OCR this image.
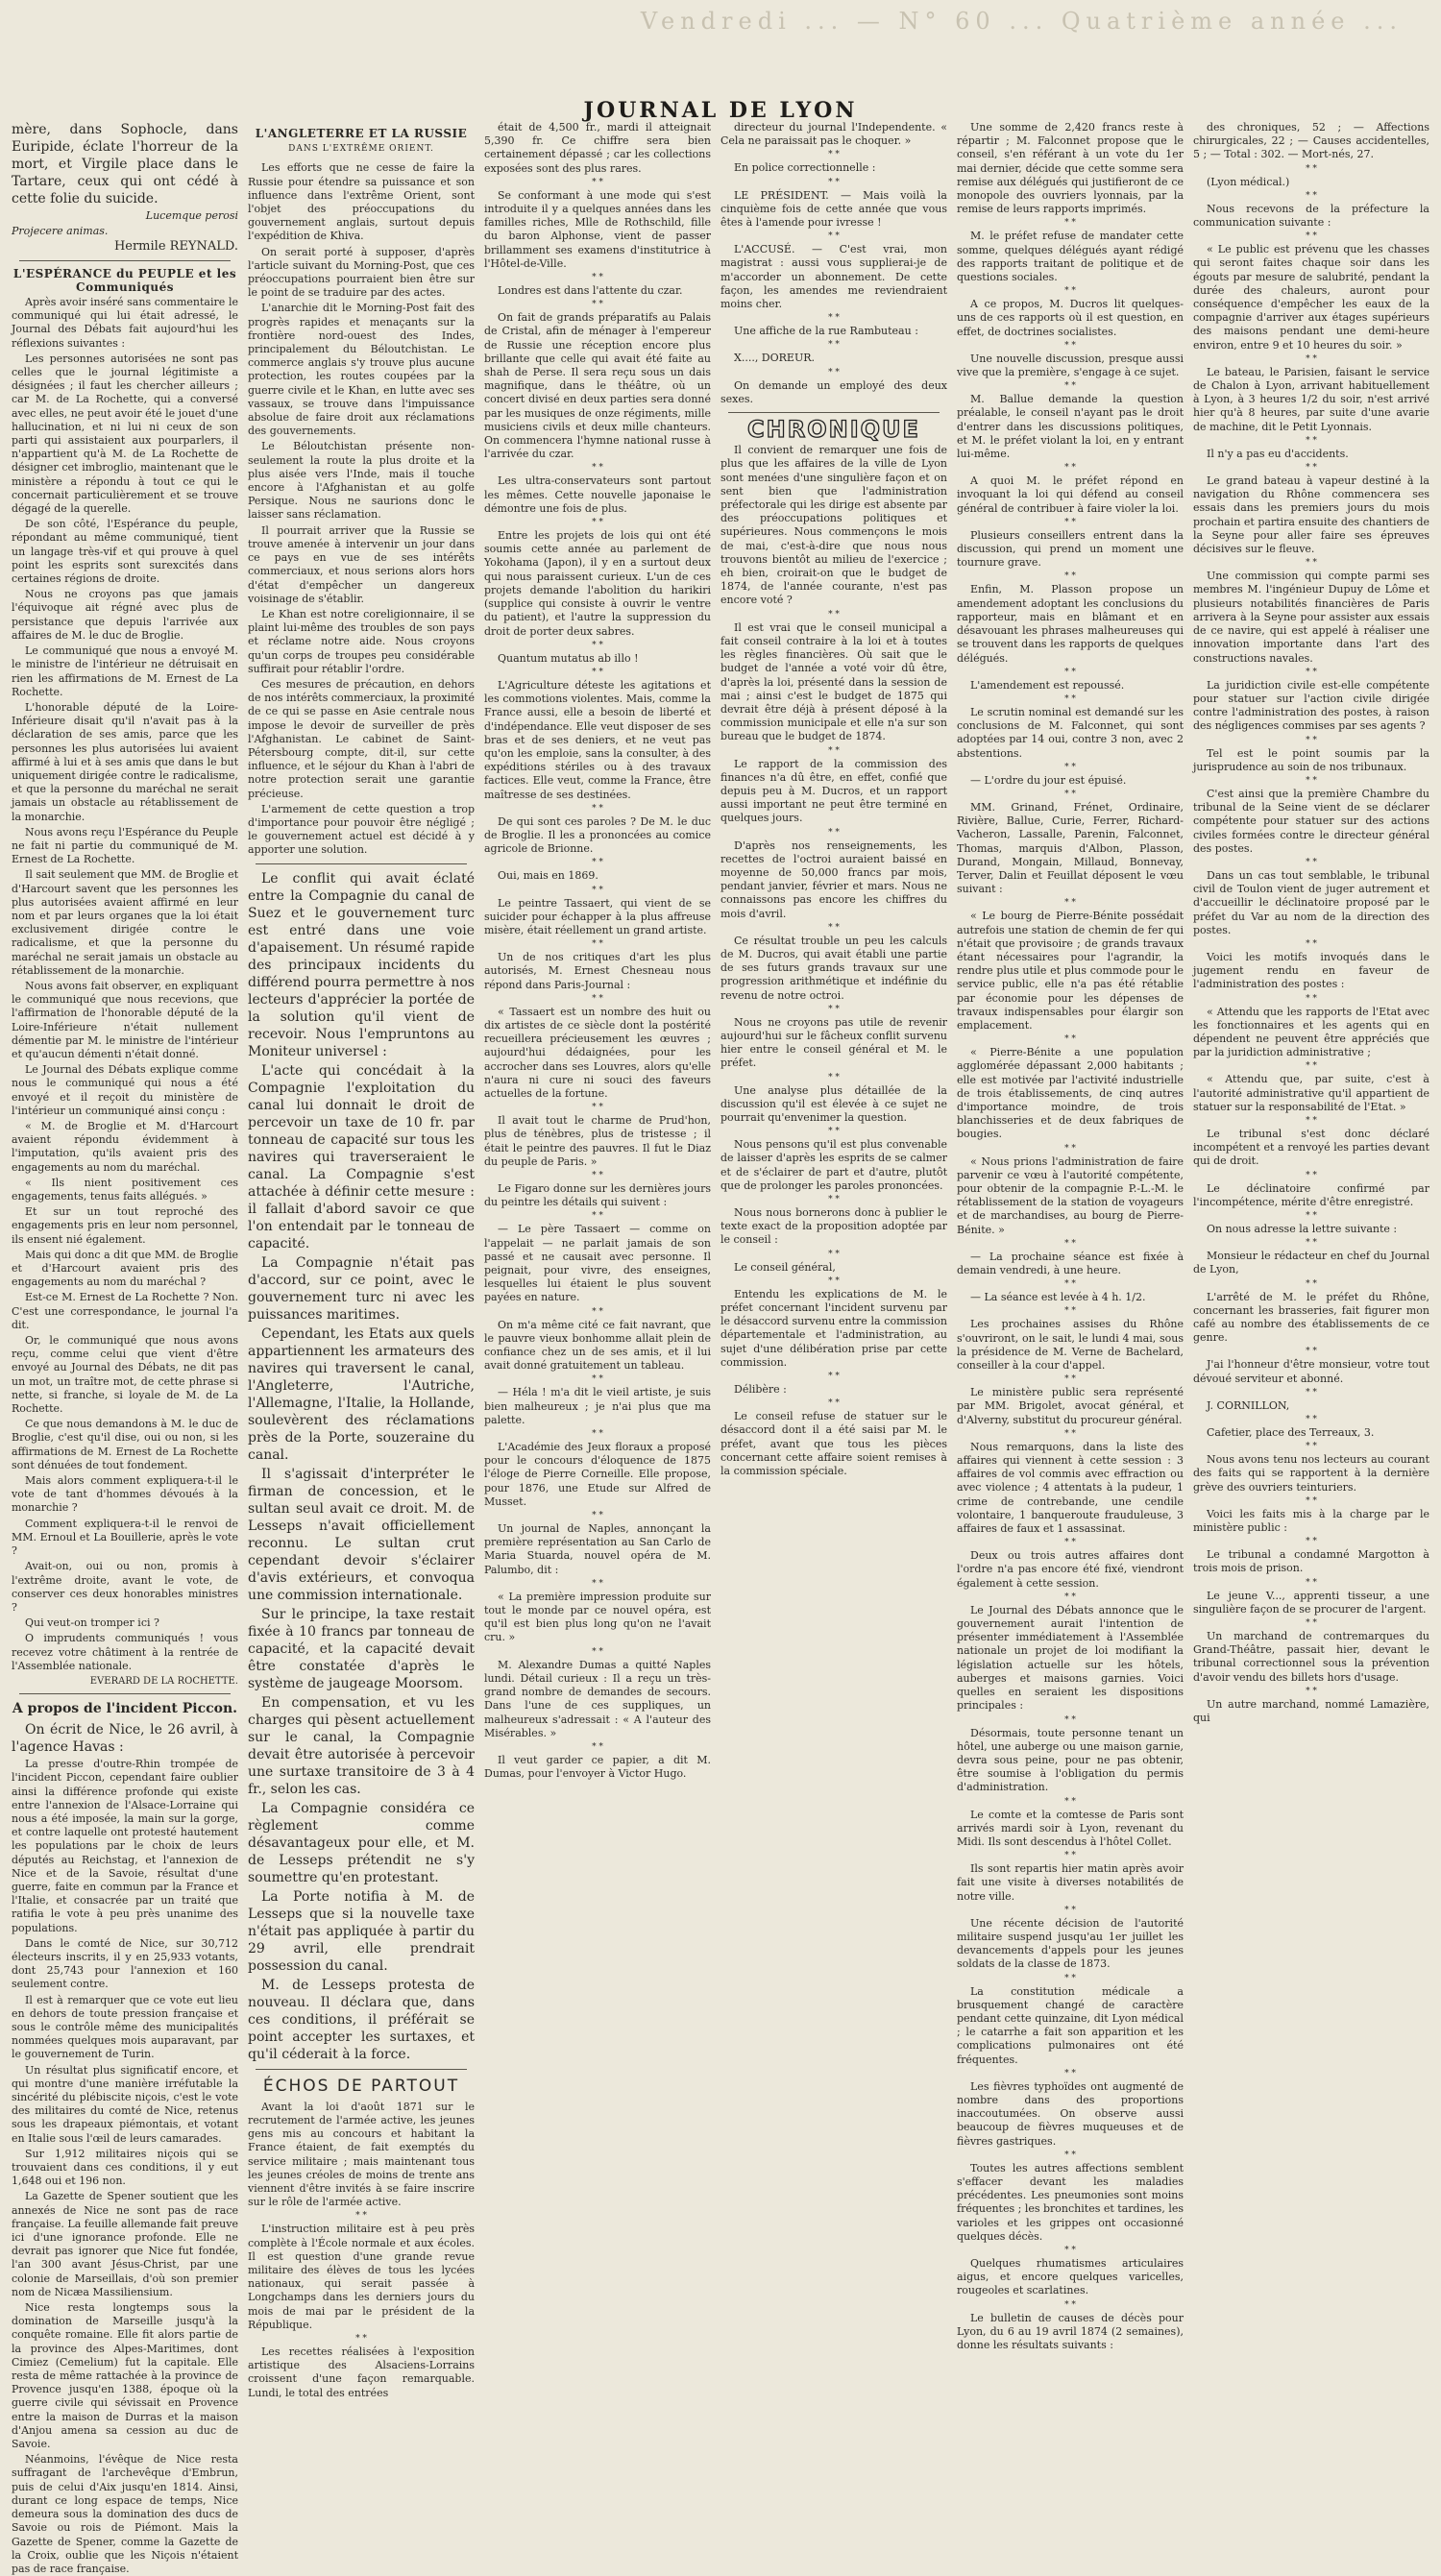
Vendredi ... — N° 60 ... Quatrième année ...
JOURNAL DE LYON

mère, dans Sophocle, dans Euripide, éclate l'horreur de la mort, et Virgile place dans le Tartare, ceux qui ont cédé à cette folie du suicide.

Lucemque perosi

Projecere animas.

Hermile REYNALD.

L'ESPÉRANCE du PEUPLE et les Communiqués

Après avoir inséré sans commentaire le communiqué qui lui était adressé, le Journal des Débats fait aujourd'hui les réflexions suivantes :

Les personnes autorisées ne sont pas celles que le journal légitimiste a désignées ; il faut les chercher ailleurs ; car M. de La Rochette, qui a conversé avec elles, ne peut avoir été le jouet d'une hallucination, et ni lui ni ceux de son parti qui assistaient aux pourparlers, il n'appartient qu'à M. de La Rochette de désigner cet imbroglio, maintenant que le ministère a répondu à tout ce qui le concernait particulièrement et se trouve dégagé de la querelle.

De son côté, l'Espérance du peuple, répondant au même communiqué, tient un langage très-vif et qui prouve à quel point les esprits sont surexcités dans certaines régions de droite.

Nous ne croyons pas que jamais l'équivoque ait régné avec plus de persistance que depuis l'arrivée aux affaires de M. le duc de Broglie.

Le communiqué que nous a envoyé M. le ministre de l'intérieur ne détruisait en rien les affirmations de M. Ernest de La Rochette.

L'honorable député de la Loire-Inférieure disait qu'il n'avait pas à la déclaration de ses amis, parce que les personnes les plus autorisées lui avaient affirmé à lui et à ses amis que dans le but uniquement dirigée contre le radicalisme, et que la personne du maréchal ne serait jamais un obstacle au rétablissement de la monarchie.

Nous avons reçu l'Espérance du Peuple ne fait ni partie du communiqué de M. Ernest de La Rochette.

Il sait seulement que MM. de Broglie et d'Harcourt savent que les personnes les plus autorisées avaient affirmé en leur nom et par leurs organes que la loi était exclusivement dirigée contre le radicalisme, et que la personne du maréchal ne serait jamais un obstacle au rétablissement de la monarchie.

Nous avons fait observer, en expliquant le communiqué que nous recevions, que l'affirmation de l'honorable député de la Loire-Inférieure n'était nullement démentie par M. le ministre de l'intérieur et qu'aucun démenti n'était donné.

Le Journal des Débats explique comme nous le communiqué qui nous a été envoyé et il reçoit du ministère de l'intérieur un communiqué ainsi conçu :

« M. de Broglie et M. d'Harcourt avaient répondu évidemment à l'imputation, qu'ils avaient pris des engagements au nom du maréchal.

« Ils nient positivement ces engagements, tenus faits allégués. »

Et sur un tout reproché des engagements pris en leur nom personnel, ils ensent nié également.

Mais qui donc a dit que MM. de Broglie et d'Harcourt avaient pris des engagements au nom du maréchal ?

Est-ce M. Ernest de La Rochette ? Non. C'est une correspondance, le journal l'a dit.

Or, le communiqué que nous avons reçu, comme celui que vient d'être envoyé au Journal des Débats, ne dit pas un mot, un traître mot, de cette phrase si nette, si franche, si loyale de M. de La Rochette.

Ce que nous demandons à M. le duc de Broglie, c'est qu'il dise, oui ou non, si les affirmations de M. Ernest de La Rochette sont dénuées de tout fondement.

Mais alors comment expliquera-t-il le vote de tant d'hommes dévoués à la monarchie ?

Comment expliquera-t-il le renvoi de MM. Ernoul et La Bouillerie, après le vote ?

Avait-on, oui ou non, promis à l'extrême droite, avant le vote, de conserver ces deux honorables ministres ?

Qui veut-on tromper ici ?

O imprudents communiqués ! vous recevez votre châtiment à la rentrée de l'Assemblée nationale.

EVERARD DE LA ROCHETTE.

A propos de l'incident Piccon.

On écrit de Nice, le 26 avril, à l'agence Havas :

La presse d'outre-Rhin trompée de l'incident Piccon, cependant faire oublier ainsi la différence profonde qui existe entre l'annexion de l'Alsace-Lorraine qui nous a été imposée, la main sur la gorge, et contre laquelle ont protesté hautement les populations par le choix de leurs députés au Reichstag, et l'annexion de Nice et de la Savoie, résultat d'une guerre, faite en commun par la France et l'Italie, et consacrée par un traité que ratifia le vote à peu près unanime des populations.

Dans le comté de Nice, sur 30,712 électeurs inscrits, il y en 25,933 votants, dont 25,743 pour l'annexion et 160 seulement contre.

Il est à remarquer que ce vote eut lieu en dehors de toute pression française et sous le contrôle même des municipalités nommées quelques mois auparavant, par le gouvernement de Turin.

Un résultat plus significatif encore, et qui montre d'une manière irréfutable la sincérité du plébiscite niçois, c'est le vote des militaires du comté de Nice, retenus sous les drapeaux piémontais, et votant en Italie sous l'œil de leurs camarades.

Sur 1,912 militaires niçois qui se trouvaient dans ces conditions, il y eut 1,648 oui et 196 non.

La Gazette de Spener soutient que les annexés de Nice ne sont pas de race française. La feuille allemande fait preuve ici d'une ignorance profonde. Elle ne devrait pas ignorer que Nice fut fondée, l'an 300 avant Jésus-Christ, par une colonie de Marseillais, d'où son premier nom de Nicæa Massiliensium.

Nice resta longtemps sous la domination de Marseille jusqu'à la conquête romaine. Elle fit alors partie de la province des Alpes-Maritimes, dont Cimiez (Cemelium) fut la capitale. Elle resta de même rattachée à la province de Provence jusqu'en 1388, époque où la guerre civile qui sévissait en Provence entre la maison de Durras et la maison d'Anjou amena sa cession au duc de Savoie.

Néanmoins, l'évêque de Nice resta suffragant de l'archevêque d'Embrun, puis de celui d'Aix jusqu'en 1814. Ainsi, durant ce long espace de temps, Nice demeura sous la domination des ducs de Savoie ou rois de Piémont. Mais la Gazette de Spener, comme la Gazette de la Croix, oublie que les Niçois n'étaient pas de race française.

L'ANGLETERRE ET LA RUSSIE
DANS L'EXTRÊME ORIENT.

Les efforts que ne cesse de faire la Russie pour étendre sa puissance et son influence dans l'extrême Orient, sont l'objet des préoccupations du gouvernement anglais, surtout depuis l'expédition de Khiva.

On serait porté à supposer, d'après l'article suivant du Morning-Post, que ces préoccupations pourraient bien être sur le point de se traduire par des actes.

L'anarchie dit le Morning-Post fait des progrès rapides et menaçants sur la frontière nord-ouest des Indes, principalement du Béloutchistan. Le commerce anglais s'y trouve plus aucune protection, les routes coupées par la guerre civile et le Khan, en lutte avec ses vassaux, se trouve dans l'impuissance absolue de faire droit aux réclamations des gouvernements.

Le Béloutchistan présente non-seulement la route la plus droite et la plus aisée vers l'Inde, mais il touche encore à l'Afghanistan et au golfe Persique. Nous ne saurions donc le laisser sans réclamation.

Il pourrait arriver que la Russie se trouve amenée à intervenir un jour dans ce pays en vue de ses intérêts commerciaux, et nous serions alors hors d'état d'empêcher un dangereux voisinage de s'établir.

Le Khan est notre coreligionnaire, il se plaint lui-même des troubles de son pays et réclame notre aide. Nous croyons qu'un corps de troupes peu considérable suffirait pour rétablir l'ordre.

Ces mesures de précaution, en dehors de nos intérêts commerciaux, la proximité de ce qui se passe en Asie centrale nous impose le devoir de surveiller de près l'Afghanistan. Le cabinet de Saint-Pétersbourg compte, dit-il, sur cette influence, et le séjour du Khan à l'abri de notre protection serait une garantie précieuse.

L'armement de cette question a trop d'importance pour pouvoir être négligé ; le gouvernement actuel est décidé à y apporter une solution.

Le conflit qui avait éclaté entre la Compagnie du canal de Suez et le gouvernement turc est entré dans une voie d'apaisement. Un résumé rapide des principaux incidents du différend pourra permettre à nos lecteurs d'apprécier la portée de la solution qu'il vient de recevoir. Nous l'empruntons au Moniteur universel :

L'acte qui concédait à la Compagnie l'exploitation du canal lui donnait le droit de percevoir un taxe de 10 fr. par tonneau de capacité sur tous les navires qui traverseraient le canal. La Compagnie s'est attachée à définir cette mesure : il fallait d'abord savoir ce que l'on entendait par le tonneau de capacité.

La Compagnie n'était pas d'accord, sur ce point, avec le gouvernement turc ni avec les puissances maritimes.

Cependant, les Etats aux quels appartiennent les armateurs des navires qui traversent le canal, l'Angleterre, l'Autriche, l'Allemagne, l'Italie, la Hollande, soulevèrent des réclamations près de la Porte, souzeraine du canal.

Il s'agissait d'interpréter le firman de concession, et le sultan seul avait ce droit. M. de Lesseps n'avait officiellement reconnu. Le sultan crut cependant devoir s'éclairer d'avis extérieurs, et convoqua une commission internationale.

Sur le principe, la taxe restait fixée à 10 francs par tonneau de capacité, et la capacité devait être constatée d'après le système de jaugeage Moorsom.

En compensation, et vu les charges qui pèsent actuellement sur le canal, la Compagnie devait être autorisée à percevoir une surtaxe transitoire de 3 à 4 fr., selon les cas.

La Compagnie considéra ce règlement comme désavantageux pour elle, et M. de Lesseps prétendit ne s'y soumettre qu'en protestant.

La Porte notifia à M. de Lesseps que si la nouvelle taxe n'était pas appliquée à partir du 29 avril, elle prendrait possession du canal.

M. de Lesseps protesta de nouveau. Il déclara que, dans ces conditions, il préférait se point accepter les surtaxes, et qu'il céderait à la force.

ÉCHOS DE PARTOUT

Avant la loi d'août 1871 sur le recrutement de l'armée active, les jeunes gens mis au concours et habitant la France étaient, de fait exemptés du service militaire ; mais maintenant tous les jeunes créoles de moins de trente ans viennent d'être invités à se faire inscrire sur le rôle de l'armée active.

* *

L'instruction militaire est à peu près complète à l'École normale et aux écoles. Il est question d'une grande revue militaire des élèves de tous les lycées nationaux, qui serait passée à Longchamps dans les derniers jours du mois de mai par le président de la République.

* *

Les recettes réalisées à l'exposition artistique des Alsaciens-Lorrains croissent d'une façon remarquable. Lundi, le total des entrées

était de 4,500 fr., mardi il atteignait 5,390 fr. Ce chiffre sera bien certainement dépassé ; car les collections exposées sont des plus rares.

* *

Se conformant à une mode qui s'est introduite il y a quelques années dans les familles riches, Mlle de Rothschild, fille du baron Alphonse, vient de passer brillamment ses examens d'institutrice à l'Hôtel-de-Ville.

* *

Londres est dans l'attente du czar.

* *

On fait de grands préparatifs au Palais de Cristal, afin de ménager à l'empereur de Russie une réception encore plus brillante que celle qui avait été faite au shah de Perse. Il sera reçu sous un dais magnifique, dans le théâtre, où un concert divisé en deux parties sera donné par les musiques de onze régiments, mille musiciens civils et deux mille chanteurs. On commencera l'hymne national russe à l'arrivée du czar.

* *

Les ultra-conservateurs sont partout les mêmes. Cette nouvelle japonaise le démontre une fois de plus.

* *

Entre les projets de lois qui ont été soumis cette année au parlement de Yokohama (Japon), il y en a surtout deux qui nous paraissent curieux. L'un de ces projets demande l'abolition du harikiri (supplice qui consiste à ouvrir le ventre du patient), et l'autre la suppression du droit de porter deux sabres.

* *

Quantum mutatus ab illo !

* *

L'Agriculture déteste les agitations et les commotions violentes. Mais, comme la France aussi, elle a besoin de liberté et d'indépendance. Elle veut disposer de ses bras et de ses deniers, et ne veut pas qu'on les emploie, sans la consulter, à des expéditions stériles ou à des travaux factices. Elle veut, comme la France, être maîtresse de ses destinées.

* *

De qui sont ces paroles ? De M. le duc de Broglie. Il les a prononcées au comice agricole de Brionne.

* *

Oui, mais en 1869.

* *

Le peintre Tassaert, qui vient de se suicider pour échapper à la plus affreuse misère, était réellement un grand artiste.

* *

Un de nos critiques d'art les plus autorisés, M. Ernest Chesneau nous répond dans Paris-Journal :

* *

« Tassaert est un nombre des huit ou dix artistes de ce siècle dont la postérité recueillera précieusement les œuvres ; aujourd'hui dédaignées, pour les accrocher dans ses Louvres, alors qu'elle n'aura ni cure ni souci des faveurs actuelles de la fortune.

* *

Il avait tout le charme de Prud'hon, plus de ténèbres, plus de tristesse ; il était le peintre des pauvres. Il fut le Diaz du peuple de Paris. »

* *

Le Figaro donne sur les dernières jours du peintre les détails qui suivent :

* *

— Le père Tassaert — comme on l'appelait — ne parlait jamais de son passé et ne causait avec personne. Il peignait, pour vivre, des enseignes, lesquelles lui étaient le plus souvent payées en nature.

* *

On m'a même cité ce fait navrant, que le pauvre vieux bonhomme allait plein de confiance chez un de ses amis, et il lui avait donné gratuitement un tableau.

* *

— Héla ! m'a dit le vieil artiste, je suis bien malheureux ; je n'ai plus que ma palette.

* *

L'Académie des Jeux floraux a proposé pour le concours d'éloquence de 1875 l'éloge de Pierre Corneille. Elle propose, pour 1876, une Etude sur Alfred de Musset.

* *

Un journal de Naples, annonçant la première représentation au San Carlo de Maria Stuarda, nouvel opéra de M. Palumbo, dit :

* *

« La première impression produite sur tout le monde par ce nouvel opéra, est qu'il est bien plus long qu'on ne l'avait cru. »

* *

M. Alexandre Dumas a quitté Naples lundi. Détail curieux : Il a reçu un très-grand nombre de demandes de secours. Dans l'une de ces suppliques, un malheureux s'adressait : « A l'auteur des Misérables. »

* *

Il veut garder ce papier, a dit M. Dumas, pour l'envoyer à Victor Hugo.

directeur du journal l'Independente. « Cela ne paraissait pas le choquer. »

* *

En police correctionnelle :

* *

LE PRÉSIDENT. — Mais voilà la cinquième fois de cette année que vous êtes à l'amende pour ivresse !

* *

L'ACCUSÉ. — C'est vrai, mon magistrat : aussi vous supplierai-je de m'accorder un abonnement. De cette façon, les amendes me reviendraient moins cher.

* *

Une affiche de la rue Rambuteau :

* *

X...., DOREUR.

* *

On demande un employé des deux sexes.

CHRONIQUE

Il convient de remarquer une fois de plus que les affaires de la ville de Lyon sont menées d'une singulière façon et on sent bien que l'administration préfectorale qui les dirige est absente par des préoccupations politiques et supérieures. Nous commençons le mois de mai, c'est-à-dire que nous nous trouvons bientôt au milieu de l'exercice ; eh bien, croirait-on que le budget de 1874, de l'année courante, n'est pas encore voté ?

* *

Il est vrai que le conseil municipal a fait conseil contraire à la loi et à toutes les règles financières. Où sait que le budget de l'année a voté voir dû être, d'après la loi, présenté dans la session de mai ; ainsi c'est le budget de 1875 qui devrait être déjà à présent déposé à la commission municipale et elle n'a sur son bureau que le budget de 1874.

* *

Le rapport de la commission des finances n'a dû être, en effet, confié que depuis peu à M. Ducros, et un rapport aussi important ne peut être terminé en quelques jours.

* *

D'après nos renseignements, les recettes de l'octroi auraient baissé en moyenne de 50,000 francs par mois, pendant janvier, février et mars. Nous ne connaissons pas encore les chiffres du mois d'avril.

* *

Ce résultat trouble un peu les calculs de M. Ducros, qui avait établi une partie de ses futurs grands travaux sur une progression arithmétique et indéfinie du revenu de notre octroi.

* *

Nous ne croyons pas utile de revenir aujourd'hui sur le fâcheux conflit survenu hier entre le conseil général et M. le préfet.

* *

Une analyse plus détaillée de la discussion qu'il est élevée à ce sujet ne pourrait qu'envenimer la question.

* *

Nous pensons qu'il est plus convenable de laisser d'après les esprits de se calmer et de s'éclairer de part et d'autre, plutôt que de prolonger les paroles prononcées.

* *

Nous nous bornerons donc à publier le texte exact de la proposition adoptée par le conseil :

* *

Le conseil général,

* *

Entendu les explications de M. le préfet concernant l'incident survenu par le désaccord survenu entre la commission départementale et l'administration, au sujet d'une délibération prise par cette commission.

* *

Délibère :

* *

Le conseil refuse de statuer sur le désaccord dont il a été saisi par M. le préfet, avant que tous les pièces concernant cette affaire soient remises à la commission spéciale.

Une somme de 2,420 francs reste à répartir ; M. Falconnet propose que le conseil, s'en référant à un vote du 1er mai dernier, décide que cette somme sera remise aux délégués qui justifieront de ce monopole des ouvriers lyonnais, par la remise de leurs rapports imprimés.

* *

M. le préfet refuse de mandater cette somme, quelques délégués ayant rédigé des rapports traitant de politique et de questions sociales.

* *

A ce propos, M. Ducros lit quelques-uns de ces rapports où il est question, en effet, de doctrines socialistes.

* *

Une nouvelle discussion, presque aussi vive que la première, s'engage à ce sujet.

* *

M. Ballue demande la question préalable, le conseil n'ayant pas le droit d'entrer dans les discussions politiques, et M. le préfet violant la loi, en y entrant lui-même.

* *

A quoi M. le préfet répond en invoquant la loi qui défend au conseil général de contribuer à faire violer la loi.

* *

Plusieurs conseillers entrent dans la discussion, qui prend un moment une tournure grave.

* *

Enfin, M. Plasson propose un amendement adoptant les conclusions du rapporteur, mais en blâmant et en désavouant les phrases malheureuses qui se trouvent dans les rapports de quelques délégués.

* *

L'amendement est repoussé.

* *

Le scrutin nominal est demandé sur les conclusions de M. Falconnet, qui sont adoptées par 14 oui, contre 3 non, avec 2 abstentions.

* *

— L'ordre du jour est épuisé.

* *

MM. Grinand, Frénet, Ordinaire, Rivière, Ballue, Curie, Ferrer, Richard-Vacheron, Lassalle, Parenin, Falconnet, Thomas, marquis d'Albon, Plasson, Durand, Mongain, Millaud, Bonnevay, Terver, Dalin et Feuillat déposent le vœu suivant :

* *

« Le bourg de Pierre-Bénite possédait autrefois une station de chemin de fer qui n'était que provisoire ; de grands travaux étant nécessaires pour l'agrandir, la rendre plus utile et plus commode pour le service public, elle n'a pas été rétablie par économie pour les dépenses de travaux indispensables pour élargir son emplacement.

* *

« Pierre-Bénite a une population agglomérée dépassant 2,000 habitants ; elle est motivée par l'activité industrielle de trois établissements, de cinq autres d'importance moindre, de trois blanchisseries et de deux fabriques de bougies.

* *

« Nous prions l'administration de faire parvenir ce vœu à l'autorité compétente, pour obtenir de la compagnie P.-L.-M. le rétablissement de la station de voyageurs et de marchandises, au bourg de Pierre-Bénite. »

* *

— La prochaine séance est fixée à demain vendredi, à une heure.

* *

— La séance est levée à 4 h. 1/2.

* *

Les prochaines assises du Rhône s'ouvriront, on le sait, le lundi 4 mai, sous la présidence de M. Verne de Bachelard, conseiller à la cour d'appel.

* *

Le ministère public sera représenté par MM. Brigolet, avocat général, et d'Alverny, substitut du procureur général.

* *

Nous remarquons, dans la liste des affaires qui viennent à cette session : 3 affaires de vol commis avec effraction ou avec violence ; 4 attentats à la pudeur, 1 crime de contrebande, une cendile volontaire, 1 banqueroute frauduleuse, 3 affaires de faux et 1 assassinat.

* *

Deux ou trois autres affaires dont l'ordre n'a pas encore été fixé, viendront également à cette session.

* *

Le Journal des Débats annonce que le gouvernement aurait l'intention de présenter immédiatement à l'Assemblée nationale un projet de loi modifiant la législation actuelle sur les hôtels, auberges et maisons garnies. Voici quelles en seraient les dispositions principales :

* *

Désormais, toute personne tenant un hôtel, une auberge ou une maison garnie, devra sous peine, pour ne pas obtenir, être soumise à l'obligation du permis d'administration.

* *

Le comte et la comtesse de Paris sont arrivés mardi soir à Lyon, revenant du Midi. Ils sont descendus à l'hôtel Collet.

* *

Ils sont repartis hier matin après avoir fait une visite à diverses notabilités de notre ville.

* *

Une récente décision de l'autorité militaire suspend jusqu'au 1er juillet les devancements d'appels pour les jeunes soldats de la classe de 1873.

* *

La constitution médicale a brusquement changé de caractère pendant cette quinzaine, dit Lyon médical ; le catarrhe a fait son apparition et les complications pulmonaires ont été fréquentes.

* *

Les fièvres typhoïdes ont augmenté de nombre dans des proportions inaccoutumées. On observe aussi beaucoup de fièvres muqueuses et de fièvres gastriques.

* *

Toutes les autres affections semblent s'effacer devant les maladies précédentes. Les pneumonies sont moins fréquentes ; les bronchites et tardines, les varioles et les grippes ont occasionné quelques décès.

* *

Quelques rhumatismes articulaires aigus, et encore quelques varicelles, rougeoles et scarlatines.

* *

Le bulletin de causes de décès pour Lyon, du 6 au 19 avril 1874 (2 semaines), donne les résultats suivants :

des chroniques, 52 ; — Affections chirurgicales, 22 ; — Causes accidentelles, 5 ; — Total : 302. — Mort-nés, 27.

* *

(Lyon médical.)

* *

Nous recevons de la préfecture la communication suivante :

* *

« Le public est prévenu que les chasses qui seront faites chaque soir dans les égouts par mesure de salubrité, pendant la durée des chaleurs, auront pour conséquence d'empêcher les eaux de la compagnie d'arriver aux étages supérieurs des maisons pendant une demi-heure environ, entre 9 et 10 heures du soir. »

* *

Le bateau, le Parisien, faisant le service de Chalon à Lyon, arrivant habituellement à Lyon, à 3 heures 1/2 du soir, n'est arrivé hier qu'à 8 heures, par suite d'une avarie de machine, dit le Petit Lyonnais.

* *

Il n'y a pas eu d'accidents.

* *

Le grand bateau à vapeur destiné à la navigation du Rhône commencera ses essais dans les premiers jours du mois prochain et partira ensuite des chantiers de la Seyne pour aller faire ses épreuves décisives sur le fleuve.

* *

Une commission qui compte parmi ses membres M. l'ingénieur Dupuy de Lôme et plusieurs notabilités financières de Paris arrivera à la Seyne pour assister aux essais de ce navire, qui est appelé à réaliser une innovation importante dans l'art des constructions navales.

* *

La juridiction civile est-elle compétente pour statuer sur l'action civile dirigée contre l'administration des postes, à raison des négligences commises par ses agents ?

* *

Tel est le point soumis par la jurisprudence au soin de nos tribunaux.

* *

C'est ainsi que la première Chambre du tribunal de la Seine vient de se déclarer compétente pour statuer sur des actions civiles formées contre le directeur général des postes.

* *

Dans un cas tout semblable, le tribunal civil de Toulon vient de juger autrement et d'accueillir le déclinatoire proposé par le préfet du Var au nom de la direction des postes.

* *

Voici les motifs invoqués dans le jugement rendu en faveur de l'administration des postes :

* *

« Attendu que les rapports de l'Etat avec les fonctionnaires et les agents qui en dépendent ne peuvent être appréciés que par la juridiction administrative ;

* *

« Attendu que, par suite, c'est à l'autorité administrative qu'il appartient de statuer sur la responsabilité de l'Etat. »

* *

Le tribunal s'est donc déclaré incompétent et a renvoyé les parties devant qui de droit.

* *

Le déclinatoire confirmé par l'incompétence, mérite d'être enregistré.

* *

On nous adresse la lettre suivante :

* *

Monsieur le rédacteur en chef du Journal de Lyon,

* *

L'arrêté de M. le préfet du Rhône, concernant les brasseries, fait figurer mon café au nombre des établissements de ce genre.

* *

J'ai l'honneur d'être monsieur, votre tout dévoué serviteur et abonné.

* *

J. CORNILLON,

* *

Cafetier, place des Terreaux, 3.

* *

Nous avons tenu nos lecteurs au courant des faits qui se rapportent à la dernière grève des ouvriers teinturiers.

* *

Voici les faits mis à la charge par le ministère public :

* *

Le tribunal a condamné Margotton à trois mois de prison.

* *

Le jeune V..., apprenti tisseur, a une singulière façon de se procurer de l'argent.

* *

Un marchand de contremarques du Grand-Théâtre, passait hier, devant le tribunal correctionnel sous la prévention d'avoir vendu des billets hors d'usage.

* *

Un autre marchand, nommé Lamazière, qui
